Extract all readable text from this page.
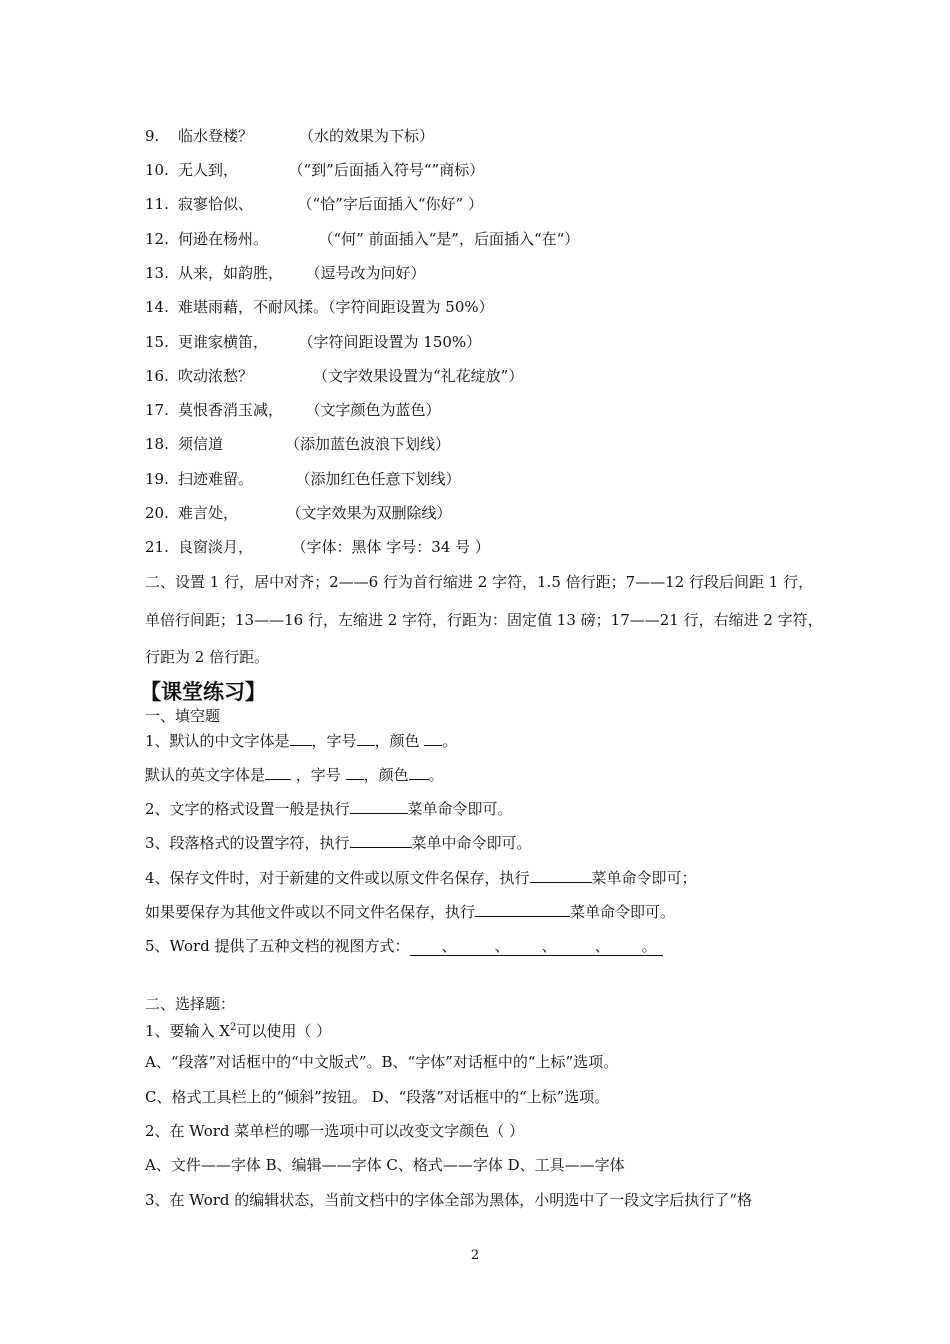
9. 临水登楼？	（水的效果为下标）
10. 无人到，	（“到”后面插入符号“”商标）
11. 寂寥恰似、	（“恰”字后面插入“你好” ）
12. 何逊在杨州。	（“何” 前面插入“是”，后面插入“在“）
13. 从来，如韵胜， （逗号改为问好）
14. 难堪雨藉，不耐风揉。（字符间距设置为 50%）
15. 更谁家横笛，	（字符间距设置为 150%）
16. 吹动浓愁？	（文字效果设置为“礼花绽放”）
17. 莫恨香消玉减， （文字颜色为蓝色）
18. 须信道	（添加蓝色波浪下划线）
19. 扫迹难留。	（添加红色任意下划线）
20. 难言处，	（文字效果为双删除线）
21. 良窗淡月，	（字体：黑体 字号：34 号 ）
二、设置 1 行，居中对齐；2——6 行为首行缩进 2 字符，1.5 倍行距；7——12 行段后间距 1 行，
单倍行间距；13——16 行，左缩进 2 字符，行距为：固定值 13 磅；17——21 行，右缩进 2 字符，
行距为 2 倍行距。
【课堂练习】
一、填空题
1、默认的中文字体是 ，字号 ，颜色 。
默认的英文字体是 ，字号 ，颜色 。
2、文字的格式设置一般是执行	菜单命令即可。
3、段落格式的设置字符，执行	菜单中命令即可。
4、保存文件时，对于新建的文件或以原文件名保存，执行	菜单命令即可；
如果要保存为其他文件或以不同文件名保存，执行	菜单命令即可。
5、Word 提供了五种文档的视图方式： 、	、 、	、 。
二、选择题：
1、要输入 $X^2$可以使用（ ）
A、“段落”对话框中的“中文版式”。B、“字体”对话框中的“上标”选项。
C、格式工具栏上的“倾斜”按钮。 D、“段落”对话框中的“上标”选项。
2、在 Word 菜单栏的哪一选项中可以改变文字颜色（ ）
A、文件——字体 B、编辑——字体 C、格式——字体 D、工具——字体
3、在 Word 的编辑状态，当前文档中的字体全部为黑体，小明选中了一段文字后执行了“格
2
